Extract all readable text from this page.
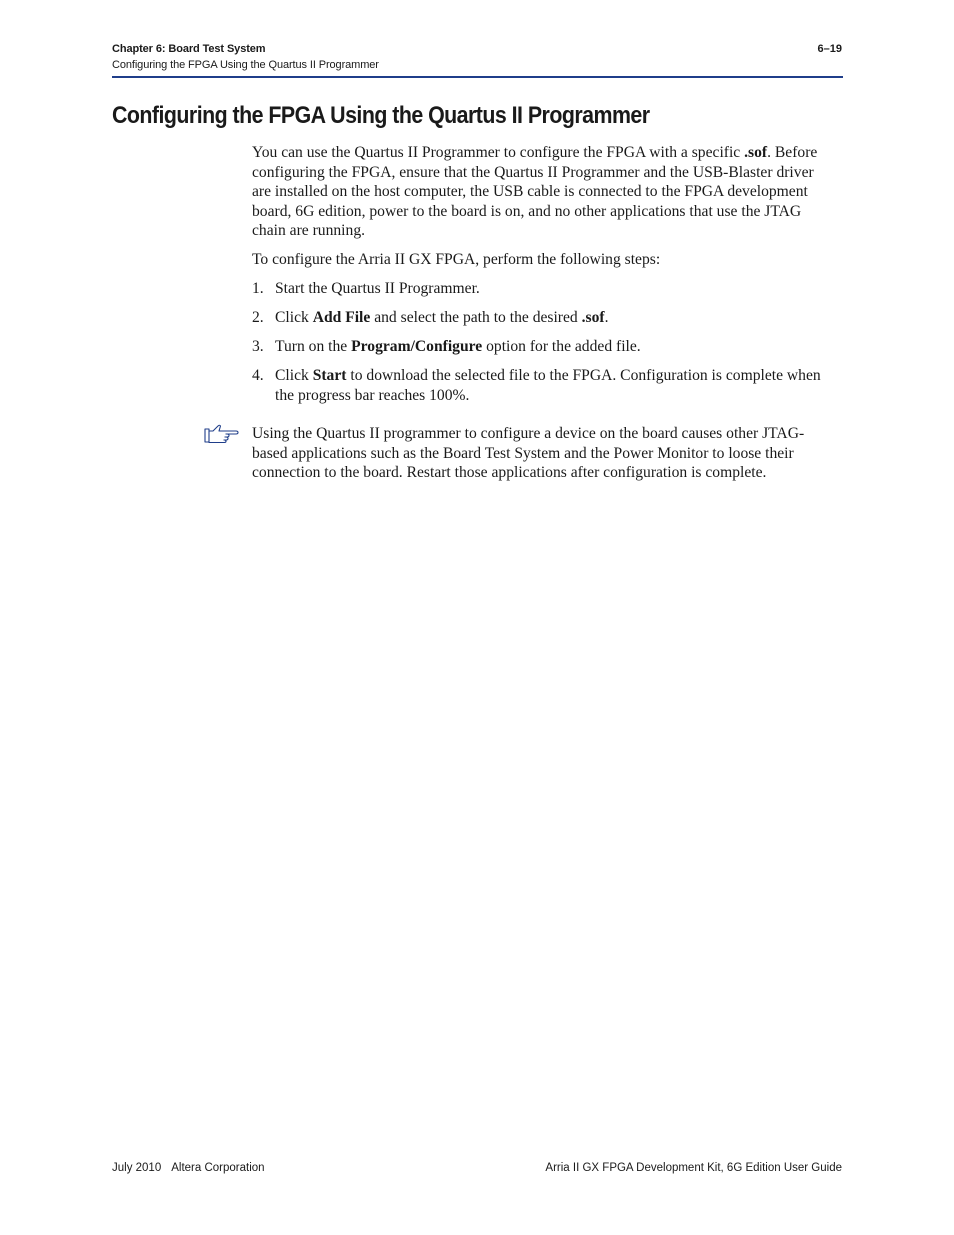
Chapter 6: Board Test System	6–19
Configuring the FPGA Using the Quartus II Programmer
Configuring the FPGA Using the Quartus II Programmer

You can use the Quartus II Programmer to configure the FPGA with a specific .sof. Before configuring the FPGA, ensure that the Quartus II Programmer and the USB-Blaster driver are installed on the host computer, the USB cable is connected to the FPGA development board, 6G edition, power to the board is on, and no other applications that use the JTAG chain are running.

To configure the Arria II GX FPGA, perform the following steps:

1. Start the Quartus II Programmer.
2. Click Add File and select the path to the desired .sof.
3. Turn on the Program/Configure option for the added file.
4. Click Start to download the selected file to the FPGA. Configuration is complete when the progress bar reaches 100%.

Using the Quartus II programmer to configure a device on the board causes other JTAG-based applications such as the Board Test System and the Power Monitor to loose their connection to the board. Restart those applications after configuration is complete.

July 2010 Altera Corporation	Arria II GX FPGA Development Kit, 6G Edition User Guide
